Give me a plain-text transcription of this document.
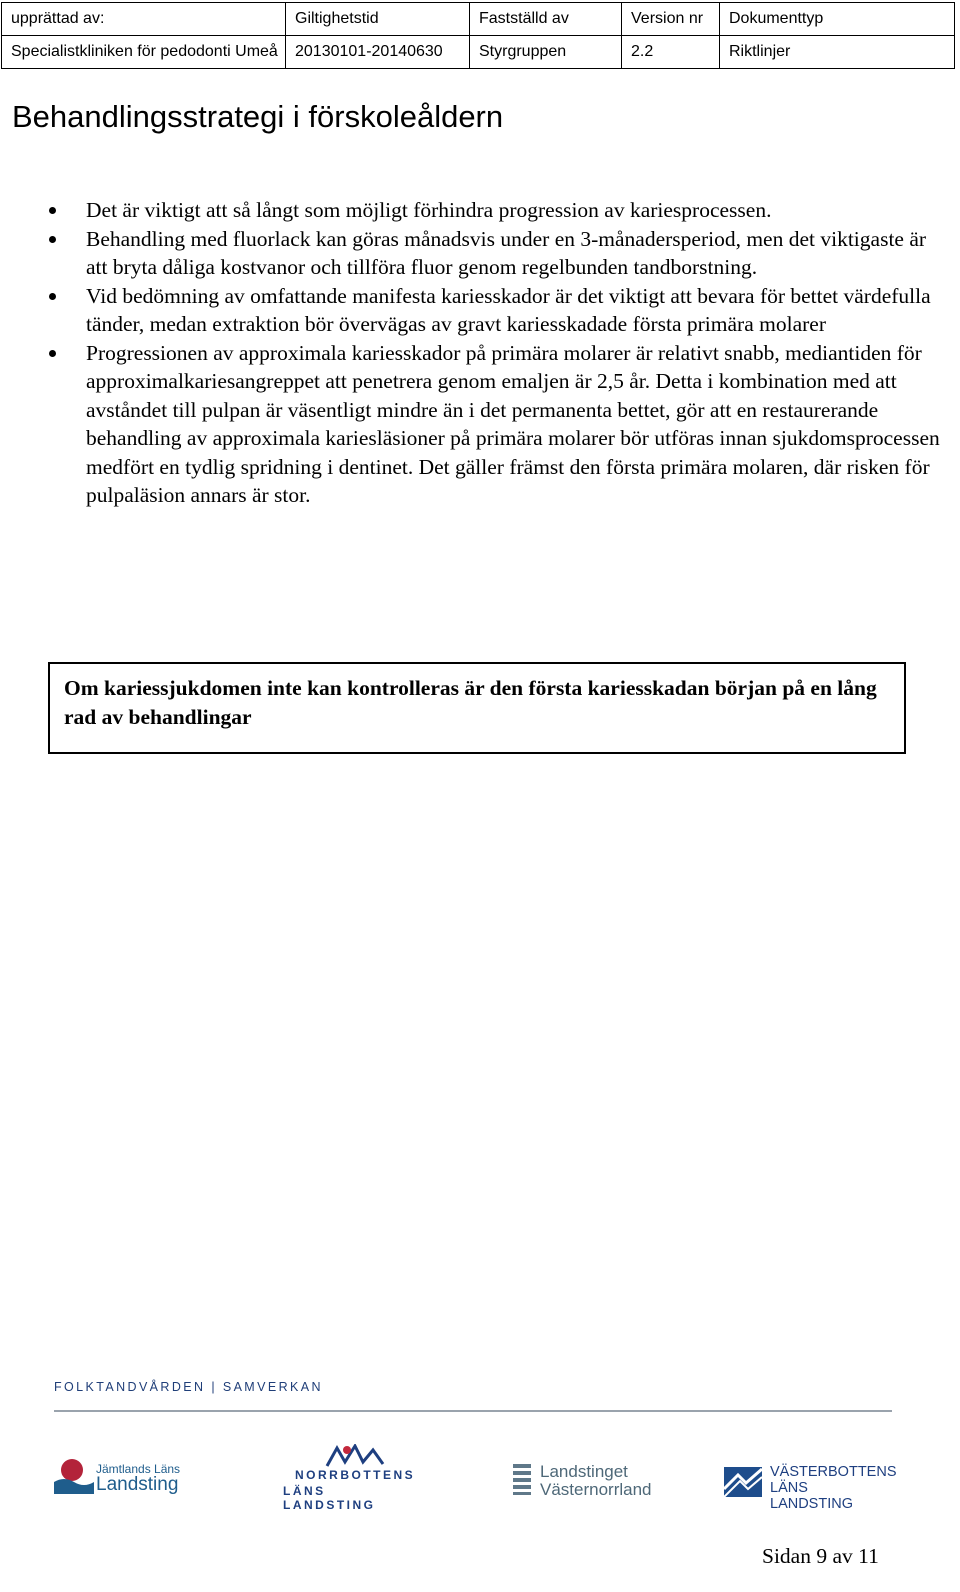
upprättad av:	Giltighetstid	Fastställd av	Version nr	Dokumenttyp
Specialistkliniken för pedodonti Umeå	20130101-20140630	Styrgruppen	2.2	Riktlinjer
Behandlingsstrategi i förskoleåldern
Det är viktigt att så långt som möjligt förhindra progression av kariesprocessen.
Behandling med fluorlack kan göras månadsvis under en 3-månadersperiod, men det viktigaste är att bryta dåliga kostvanor och tillföra fluor genom regelbunden tandborstning.
Vid bedömning av omfattande manifesta kariesskador är det viktigt att bevara för bettet värdefulla tänder, medan extraktion bör övervägas av gravt kariesskadade första primära molarer
Progressionen av approximala kariesskador på primära molarer är relativt snabb, mediantiden för approximalkariesangreppet att penetrera genom emaljen är 2,5 år. Detta i kombination med att avståndet till pulpan är väsentligt mindre än i det permanenta bettet, gör att en restaurerande behandling av approximala kariesläsioner på primära molarer bör utföras innan sjukdomsprocessen medfört en tydlig spridning i dentinet. Det gäller främst den första primära molaren, där risken för pulpaläsion annars är stor.
Om kariessjukdomen inte kan kontrolleras är den första kariesskadan början på en lång rad av behandlingar
FOLKTANDVÅRDEN | SAMVERKAN
Jämtlands Läns
Landsting	NORRBOTTENS
LÄNS LANDSTING
Landstinget
Västernorrland
VÄSTERBOTTENS
LÄNS LANDSTING
Sidan 9 av 11
